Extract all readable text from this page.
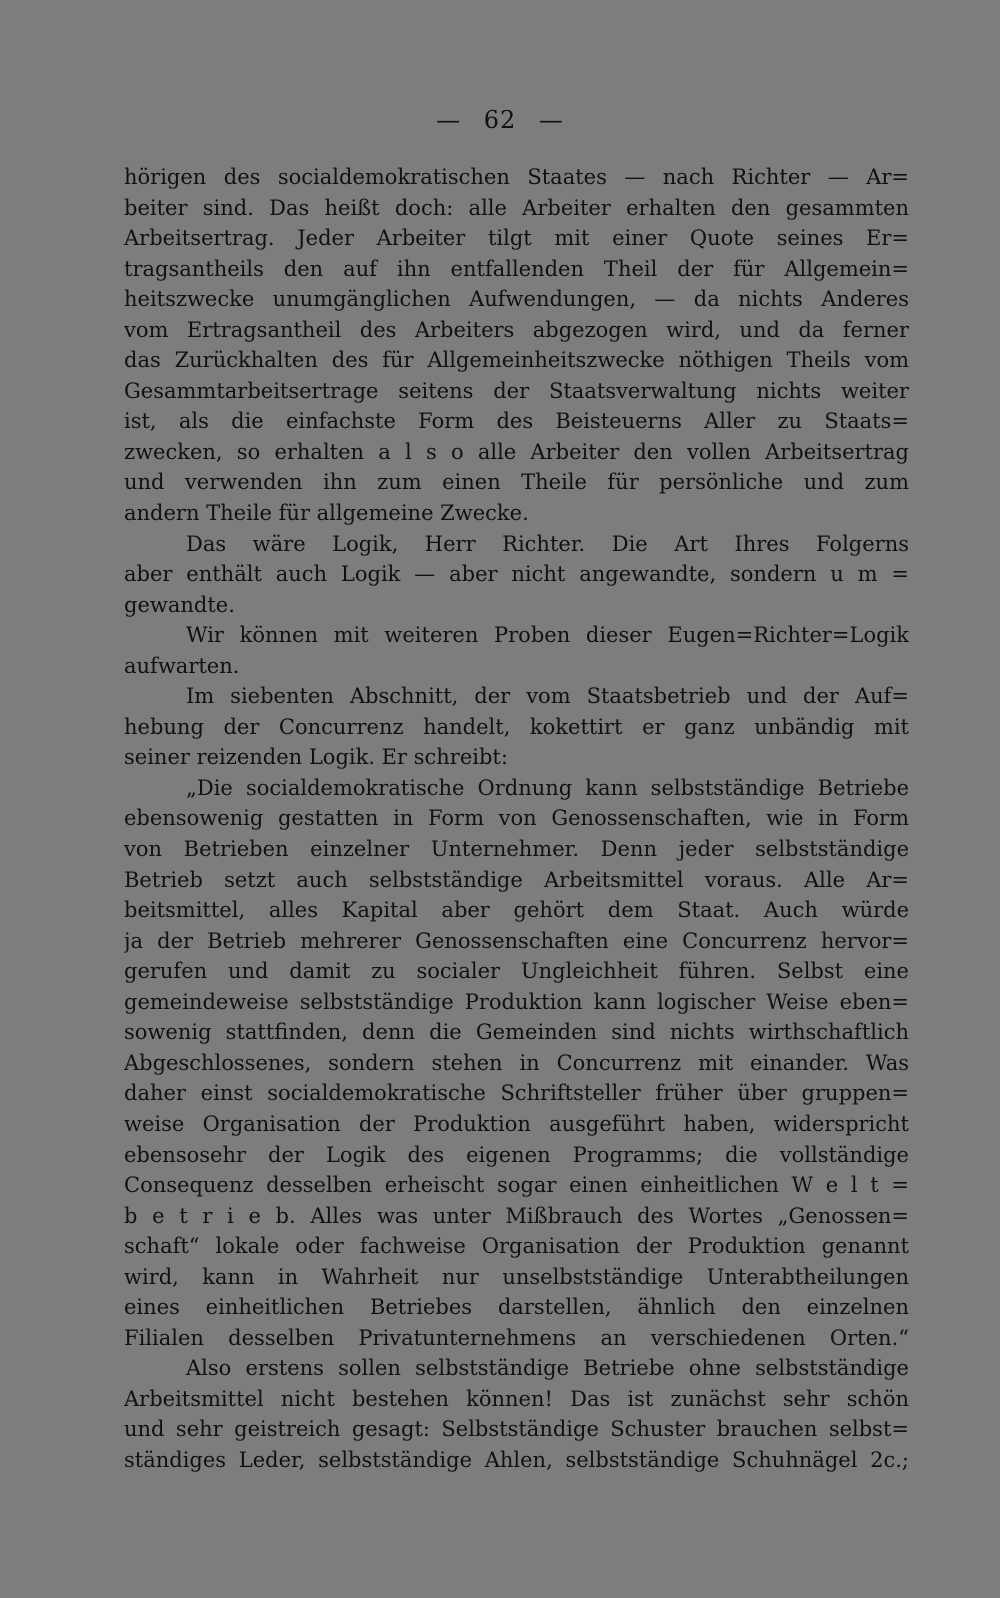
— 62 —
hörigen des socialdemokratischen Staates — nach Richter — Ar=
beiter sind. Das heißt doch: alle Arbeiter erhalten den gesammten
Arbeitsertrag. Jeder Arbeiter tilgt mit einer Quote seines Er=
tragsantheils den auf ihn entfallenden Theil der für Allgemein=
heitszwecke unumgänglichen Aufwendungen, — da nichts Anderes
vom Ertragsantheil des Arbeiters abgezogen wird, und da ferner
das Zurückhalten des für Allgemeinheitszwecke nöthigen Theils vom
Gesammtarbeitsertrage seitens der Staatsverwaltung nichts weiter
ist, als die einfachste Form des Beisteuerns Aller zu Staats=
zwecken, so erhalten a l s o alle Arbeiter den vollen Arbeitsertrag
und verwenden ihn zum einen Theile für persönliche und zum
andern Theile für allgemeine Zwecke.
Das wäre Logik, Herr Richter. Die Art Ihres Folgerns
aber enthält auch Logik — aber nicht angewandte, sondern u m =
gewandte.
Wir können mit weiteren Proben dieser Eugen=Richter=Logik
aufwarten.
Im siebenten Abschnitt, der vom Staatsbetrieb und der Auf=
hebung der Concurrenz handelt, kokettirt er ganz unbändig mit
seiner reizenden Logik. Er schreibt:
„Die socialdemokratische Ordnung kann selbstständige Betriebe
ebensowenig gestatten in Form von Genossenschaften, wie in Form
von Betrieben einzelner Unternehmer. Denn jeder selbstständige
Betrieb setzt auch selbstständige Arbeitsmittel voraus. Alle Ar=
beitsmittel, alles Kapital aber gehört dem Staat. Auch würde
ja der Betrieb mehrerer Genossenschaften eine Concurrenz hervor=
gerufen und damit zu socialer Ungleichheit führen. Selbst eine
gemeindeweise selbstständige Produktion kann logischer Weise eben=
sowenig stattfinden, denn die Gemeinden sind nichts wirthschaftlich
Abgeschlossenes, sondern stehen in Concurrenz mit einander. Was
daher einst socialdemokratische Schriftsteller früher über gruppen=
weise Organisation der Produktion ausgeführt haben, widerspricht
ebensosehr der Logik des eigenen Programms; die vollständige
Consequenz desselben erheischt sogar einen einheitlichen W e l t =
b e t r i e b. Alles was unter Mißbrauch des Wortes „Genossen=
schaft“ lokale oder fachweise Organisation der Produktion genannt
wird, kann in Wahrheit nur unselbstständige Unterabtheilungen
eines einheitlichen Betriebes darstellen, ähnlich den einzelnen
Filialen desselben Privatunternehmens an verschiedenen Orten.“
Also erstens sollen selbstständige Betriebe ohne selbstständige
Arbeitsmittel nicht bestehen können! Das ist zunächst sehr schön
und sehr geistreich gesagt: Selbstständige Schuster brauchen selbst=
ständiges Leder, selbstständige Ahlen, selbstständige Schuhnägel 2c.;
